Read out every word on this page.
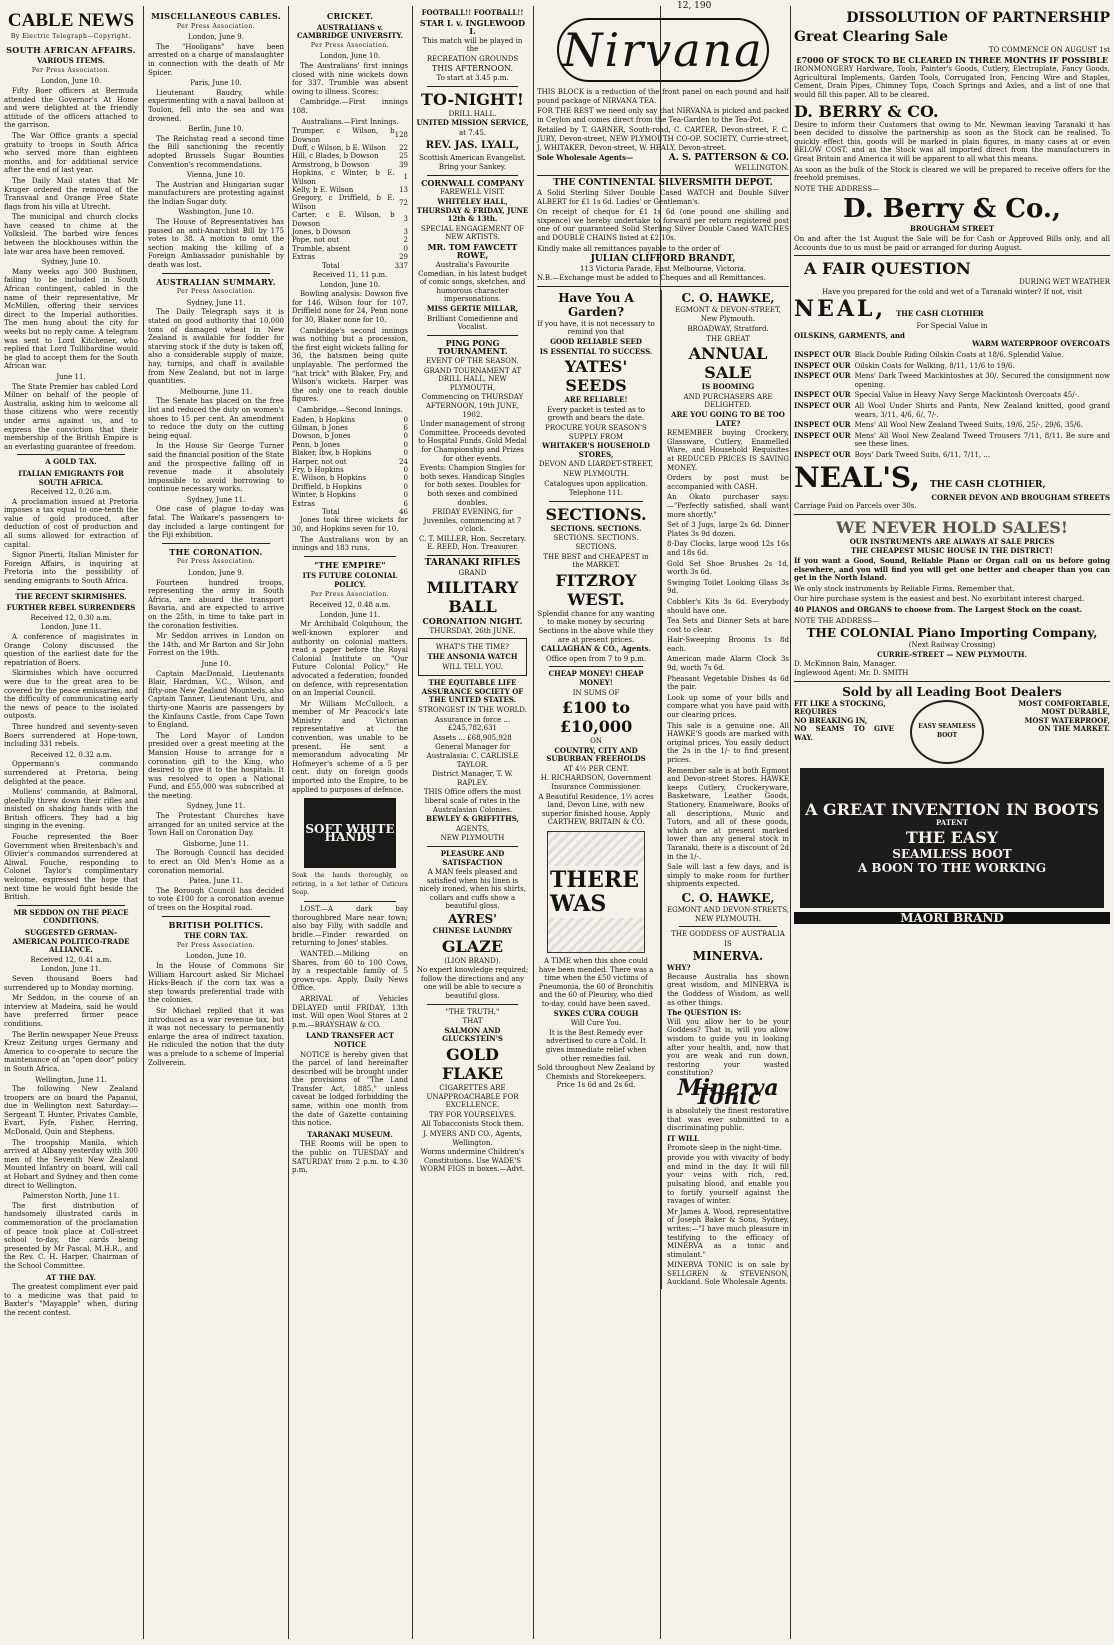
CABLE NEWS
By Electric Telegraph—Copyright.
SOUTH AFRICAN AFFAIRS.
VARIOUS ITEMS.
Per Press Association.
London, June 10.

Fifty Boer officers at Bermuda attended the Governor's At Home and were delighted at the friendly attitude of the officers attached to the garrison.

The War Office grants a special gratuity to troops in South Africa who served more than eighteen months, and for additional service after the end of last year.

The Daily Mail states that Mr Kruger ordered the removal of the Transvaal and Orange Free State flags from his villa at Utrecht.

The municipal and church clocks have ceased to chime at the Volksleid. The barbed wire fences between the blockhouses within the late war area have been removed.

Sydney, June 10.

Many weeks ago 300 Bushmen, failing to be included in South African contingent, cabled in the name of their representative, Mr McMillen, offering their services direct to the Imperial authorities. The men hung about the city for weeks but no reply came. A telegram was sent to Lord Kitchener, who replied that Lord Tullibardine would be glad to accept them for the South African war.

June 11.

The State Premier has cabled Lord Milner on behalf of the people of Australia, asking him to welcome all those citizens who were recently under arms against us, and to express the conviction that their membership of the British Empire is an everlasting guarantee of freedom.

A GOLD TAX.
ITALIAN EMIGRANTS FOR SOUTH AFRICA.
Received 12, 0.26 a.m.

A proclamation issued at Pretoria imposes a tax equal to one-tenth the value of gold produced, after deduction of cost of production and all sums allowed for extraction of capital.

Signor Pinerti, Italian Minister for Foreign Affairs, is inquiring at Pretoria into the possibility of sending emigrants to South Africa.

THE RECENT SKIRMISHES.
FURTHER REBEL SURRENDERS
Received 12, 0.30 a.m.
London, June 11.

A conference of magistrates in Orange Colony discussed the question of the earliest date for the repatriation of Boers.

Skirmishes which have occurred were due to the great area to be covered by the peace emissaries, and the difficulty of communicating early the news of peace to the isolated outposts.

Three hundred and seventy-seven Boers surrendered at Hope-town, including 331 rebels.

Received 12, 0.32 a.m.

Oppermann's commando surrendered at Pretoria, being delighted at the peace.

Mullens' commando, at Balmoral, gleefully threw down their rifles and insisted on shaking hands with the British officers. They had a big singing in the evening.

Fouche represented the Boer Government when Breitenbach's and Olivier's commandos surrendered at Aliwal. Fouche, responding to Colonel Taylor's complimentary welcome, expressed the hope that next time he would fight beside the British.

MR SEDDON ON THE PEACE CONDITIONS.
SUGGESTED GERMAN-AMERICAN POLITICO-TRADE ALLIANCE.
Received 12, 0.41 a.m.
London, June 11.

Seven thousand Boers had surrendered up to Monday morning.

Mr Seddon, in the course of an interview at Madeira, said he would have preferred firmer peace conditions.

The Berlin newspaper Neue Preuss Kreuz Zeitung urges Germany and America to co-operate to secure the maintenance of an "open door" policy in South Africa.

Wellington, June 11.

The following New Zealand troopers are on board the Papanui, due in Wellington next Saturday:—Sergeant T. Hunter, Privates Camble, Evart, Fyfe, Fisher, Herring, McDonald, Quin and Stephens.

The troopship Manila, which arrived at Albany yesterday with 300 men of the Seventh New Zealand Mounted Infantry on board, will call at Hobart and Sydney and then come direct to Wellington.

Palmerston North, June 11.

The first distribution of handsomely illustrated cards in commemoration of the proclamation of peace took place at Coll-street school to-day, the cards being presented by Mr Pascal, M.H.R., and the Rev. C. H. Harper, Chairman of the School Committee.

AT THE DAY.

The greatest compliment ever paid to a medicine was that paid to Baxter's "Mayapple" when, during the recent contest.

MISCELLANEOUS CABLES.
Per Press Association.
London, June 9.

The "Hooligans" have been arrested on a charge of manslaughter in connection with the death of Mr Spicer.

Paris, June 10.

Lieutenant Baudry, while experimenting with a naval balloon at Toulon, fell into the sea and was drowned.

Berlin, June 10.

The Reichstag read a second time the Bill sanctioning the recently adopted Brussels Sugar Bounties Convention's recommendations.

Vienna, June 10.

The Austrian and Hungarian sugar manufacturers are protesting against the Indian Sugar duty.

Washington, June 10.

The House of Representatives has passed an anti-Anarchist Bill by 175 votes to 38. A motion to omit the section making the killing of a Foreign Ambassador punishable by death was lost.

AUSTRALIAN SUMMARY.
Per Press Association.
Sydney, June 11.

The Daily Telegraph says it is stated on good authority that 10,000 tons of damaged wheat in New Zealand is available for fodder for starving stock if the duty is taken off, also a considerable supply of maize, hay, turnips, and chaff is available from New Zealand, but not in large quantities.

Melbourne, June 11.

The Senate has placed on the free list and reduced the duty on women's shoes to 15 per cent. An amendment to reduce the duty on the cutting being equal.

In the House Sir George Turner said the financial position of the State and the prospective falling off in revenue made it absolutely impossible to avoid borrowing to continue necessary works.

Sydney, June 11.

One case of plague to-day was fatal. The Waikare's passengers to-day included a large contingent for the Fiji exhibition.

THE CORONATION.
Per Press Association.
London, June 9.

Fourteen hundred troops, representing the army in South Africa, are aboard the transport Bavaria, and are expected to arrive on the 25th, in time to take part in the coronation festivities.

Mr Seddon arrives in London on the 14th, and Mr Barton and Sir John Forrest on the 19th.

June 10.

Captain MacDonald, Lieutenants Blair, Hardman, V.C., Wilson, and fifty-one New Zealand Mounteds, also Captain Tanner, Lieutenant Uru, and thirty-one Maoris are passengers by the Kinfauns Castle, from Cape Town to England.

The Lord Mayor of London presided over a great meeting at the Mansion House to arrange for a coronation gift to the King, who desired to give it to the hospitals. It was resolved to open a National Fund, and £55,000 was subscribed at the meeting.

Sydney, June 11.

The Protestant Churches have arranged for an united service at the Town Hall on Coronation Day.

Gisborne, June 11.

The Borough Council has decided to erect an Old Men's Home as a coronation memorial.

Patea, June 11.

The Borough Council has decided to vote £100 for a coronation avenue of trees on the Hospital road.

BRITISH POLITICS.
THE CORN TAX.
Per Press Association.
London, June 10.

In the House of Commons Sir William Harcourt asked Sir Michael Hicks-Beach if the corn tax was a step towards preferential trade with the colonies.

Sir Michael replied that it was introduced as a war revenue tax, but it was not necessary to permanently enlarge the area of indirect taxation. He ridiculed the notion that the duty was a prelude to a scheme of Imperial Zollverein.

CRICKET.
AUSTRALIANS v. CAMBRIDGE UNIVERSITY.
Per Press Association.
London, June 10.

The Australians' first innings closed with nine wickets down for 337. Trumble was absent owing to illness. Scores:

Cambridge.—First innings 108.

Australians.—First Innings.
Trumper, c Wilson, b Dowson	128
Duff, c Wilson, b E. Wilson	22
Hill, c Blades, b Dowson	25
Armstrong, b Dowson	39
Hopkins, c Winter, b E. Wilson	1
Kelly, b E. Wilson	13
Gregory, c Driffield, b E. Wilson	72
Carter, c E. Wilson, b Dowson	3
Jones, b Dowson	3
Pope, not out	2
Trumble, absent	0
Extras	29
Total	337
Received 11, 11 p.m.
London, June 10.

Bowling analysis: Dowson five for 146, Wilson four for 107. Driffield none for 24, Penn none for 30, Blaker none for 10.

Cambridge's second innings was nothing but a procession, the first eight wickets falling for 36, the batsmen being quite unplayable. The performed the "hat trick" with Blaker, Fry, and Wilson's wickets. Harper was the only one to reach double figures.

Cambridge.—Second Innings.
Eaden, b Hopkins	0
Gilman, b Jones	6
Dowson, b Jones	0
Penn, b Jones	0
Blaker, lbw, b Hopkins	0
Harper, not out	24
Fry, b Hopkins	0
E. Wilson, b Hopkins	0
Driffield, b Hopkins	0
Winter, b Hopkins	0
Extras	6
Total	46

Jones took three wickets for 30, and Hopkins seven for 10.

The Australians won by an innings and 183 runs.

"THE EMPIRE"
ITS FUTURE COLONIAL POLICY.
Per Press Association.
Received 12, 0.48 a.m.
London, June 11.

Mr Archibald Colquhoun, the well-known explorer and authority on colonial matters, read a paper before the Royal Colonial Institute on "Our Future Colonial Policy." He advocated a federation, founded on defence, with representation on an Imperial Council.

Mr William McCulloch, a member of Mr Peacock's late Ministry and Victorian representative at the convention, was unable to be present. He sent a memorandum advocating Mr Hofmeyer's scheme of a 5 per cent. duty on foreign goods imported into the Empire, to be applied to purposes of defence.

SOFT WHITE HANDS

Soak the hands thoroughly, on retiring, in a hot lather of Cuticura Soap.

LOST.—A dark bay thoroughbred Mare near town; also bay Filly, with saddle and bridle.—Finder rewarded on returning to Jones' stables.

WANTED.—Milking on Shares, from 60 to 100 Cows, by a respectable family of 5 grown-ups. Apply, Daily News Office.

ARRIVAL of Vehicles DELAYED until FRIDAY, 13th inst. Will open Wool Stores at 2 p.m.—BRAYSHAW & CO.

LAND TRANSFER ACT NOTICE

NOTICE is hereby given that the parcel of land hereinafter described will be brought under the provisions of "The Land Transfer Act, 1885," unless caveat be lodged forbidding the same, within one month from the date of Gazette containing this notice.

TARANAKI MUSEUM.

THE Rooms will be open to the public on TUESDAY and SATURDAY from 2 p.m. to 4.30 p.m.

FOOTBALL!! FOOTBALL!!
STAR I. v. INGLEWOOD I.
This match will be played in the
RECREATION GROUNDS
THIS AFTERNOON.
To start at 3.45 p.m.
TO-NIGHT!
DRILL HALL.
UNITED MISSION SERVICE,
at 7.45.
REV. JAS. LYALL,
Scottish American Evangelist.
Bring your Sankey.
CORNWALL COMPANY
FAREWELL VISIT.
WHITELEY HALL, THURSDAY & FRIDAY, JUNE 12th & 13th.
SPECIAL ENGAGEMENT OF NEW ARTISTS.
MR. TOM FAWCETT ROWE,
Australia's Favourite Comedian, in his latest budget of comic songs, sketches, and humorous character impersonations.
MISS GERTIE MILLAR,
Brilliant Comedienne and Vocalist.
PING PONG TOURNAMENT.
EVENT OF THE SEASON.
GRAND TOURNAMENT AT DRILL HALL, NEW PLYMOUTH,
Commencing on THURSDAY AFTERNOON, 19th JUNE, 1902.
Under management of strong Committee. Proceeds devoted to Hospital Funds. Gold Medal for Championship and Prizes for other events.
Events: Champion Singles for both sexes. Handicap Singles for both sexes. Doubles for both sexes and combined doubles.
FRIDAY EVENING, for Juveniles, commencing at 7 o'clock.
C. T. MILLER, Hon. Secretary. E. REED, Hon. Treasurer.
TARANAKI RIFLES
GRAND
MILITARY BALL
CORONATION NIGHT.
THURSDAY, 26th JUNE.
WHAT'S THE TIME?
THE ANSONIA WATCH
WILL TELL YOU.
THE EQUITABLE LIFE ASSURANCE SOCIETY OF THE UNITED STATES.
STRONGEST IN THE WORLD.
Assurance in force ... £245,782,631
Assets ... £68,905,928
General Manager for Australasia: C. CARLISLE TAYLOR.
District Manager, T. W. RAPLEY.
THIS Office offers the most liberal scale of rates in the Australasian Colonies.
BEWLEY & GRIFFITHS,
AGENTS,
NEW PLYMOUTH
PLEASURE AND SATISFACTION
A MAN feels pleased and satisfied when his linen is nicely ironed, when his shirts, collars and cuffs show a beautiful gloss.
AYRES'
CHINESE LAUNDRY
GLAZE
(LION BRAND).
No expert knowledge required; follow the directions and any one will be able to secure a beautiful gloss.
"THE TRUTH,"
THAT
SALMON AND GLUCKSTEIN'S
GOLD FLAKE
CIGARETTES ARE UNAPPROACHABLE FOR EXCELLENCE.
TRY FOR YOURSELVES.
All Tobacconists Stock them.
J. MYERS AND CO., Agents, Wellington.
Worms undermine Children's Constitutions. Use WADE'S WORM FIGS in boxes.—Advt.
12, 190
Nirvana

THIS BLOCK is a reduction of the front panel on each pound and half pound package of NIRVANA TEA.

FOR THE REST we need only say that NIRVANA is picked and packed in Ceylon and comes direct from the Tea-Garden to the Tea-Pot.

Retailed by T. GARNER, South-road, C. CARTER, Devon-street, F. C. JURY, Devon-street, NEW PLYMOUTH CO-OP. SOCIETY, Currie-street, J. WHITAKER, Devon-street, W. HEALY, Devon-street.

Sole Wholesale Agents—	A. S. PATTERSON & CO.
WELLINGTON.
THE CONTINENTAL SILVERSMITH DEPOT.

A Solid Sterling Silver Double Cased WATCH and Double Silver ALBERT for £1 1s 6d. Ladies' or Gentleman's.

On receipt of cheque for £1 1s 6d (one pound one shilling and sixpence) we hereby undertake to forward per return registered post one of our guaranteed Solid Sterling Silver Double Cased WATCHES and DOUBLE CHAINS listed at £2 10s.

Kindly make all remittances payable to the order of

JULIAN CLIFFORD BRANDT,
113 Victoria Parade, East Melbourne, Victoria.

N.B.—Exchange must be added to Cheques and all Remittances.

Have You A Garden?
If you have, it is not necessary to remind you that
GOOD RELIABLE SEED
IS ESSENTIAL TO SUCCESS.
YATES' SEEDS
ARE RELIABLE!
Every packet is tested as to growth and bears the date.
PROCURE YOUR SEASON'S SUPPLY FROM
WHITAKER'S HOUSEHOLD STORES,
DEVON AND LIARDET-STREET,
NEW PLYMOUTH.
Catalogues upon application.
Telephone 111.
SECTIONS.
SECTIONS. SECTIONS.
SECTIONS. SECTIONS. SECTIONS.
THE BEST and CHEAPEST in the MARKET.
FITZROY WEST.
Splendid chance for any wanting to make money by securing Sections in the above while they are at present prices.
CALLAGHAN & CO., Agents.
Office open from 7 to 9 p.m.
CHEAP MONEY! CHEAP MONEY!
IN SUMS OF
£100 to £10,000
ON
COUNTRY, CITY AND SUBURBAN FREEHOLDS
AT 4½ PER CENT.
H. RICHARDSON, Government Insurance Commissioner.
A Beautiful Residence, 1½ acres land, Devon Line, with new superior finished house. Apply CARTHEW, BRITAIN & CO.
THERE WAS
A TIME when this shoe could have been mended. There was a time when the £50 victims of Pneumonia, the 60 of Bronchitis and the 60 of Pleurisy, who died to-day, could have been saved.
SYKES CURA COUGH
Will Cure You.
It is the Best Remedy ever advertised to cure a Cold. It gives immediate relief when other remedies fail.
Sold throughout New Zealand by Chemists and Storekeepers. Price 1s 6d and 2s 6d.
C. O. HAWKE,
EGMONT & DEVON-STREET,
New Plymouth.
BROADWAY, Stratford.
THE GREAT
ANNUAL SALE
IS BOOMING
AND PURCHASERS ARE DELIGHTED.
ARE YOU GOING TO BE TOO LATE?

REMEMBER buying Crockery, Glassware, Cutlery, Enamelled Ware, and Household Requisites at REDUCED PRICES IS SAVING MONEY.

Orders by post must be accompanied with CASH.

An Okato purchaser says:—"Perfectly satisfied, shall want more shortly."

Set of 3 Jugs, large 2s 6d. Dinner Plates 3s 9d dozen.

8-Day Clocks, large wood 12s 16s and 18s 6d.

Gold Set Shoe Brushes 2s 1d, worth 3s 6d.

Swinging Toilet Looking Glass 3s 9d.

Cobbler's Kits 3s 6d. Everybody should have one.

Tea Sets and Dinner Sets at bare cost to clear.

Hair-Sweeping Brooms 1s 8d each.

American made Alarm Clock 3s 9d, worth 7s 6d.

Pheasant Vegetable Dishes 4s 6d the pair.

Look up some of your bills and compare what you have paid with our clearing prices.

This sale is a genuine one. All HAWKE'S goods are marked with original prices. You easily deduct the 2s in the 1/- to find present prices.

Remember sale is at both Egmont and Devon-street Stores. HAWKE keeps Cutlery, Crockeryware, Basketware, Leather Goods, Stationery, Enamelware, Books of all descriptions, Music and Tutors, and all of these goods, which are at present marked lower than any general stock in Taranaki, there is a discount of 2d in the 1/-.

Sale will last a few days, and is simply to make room for further shipments expected.

C. O. HAWKE,
EGMONT AND DEVON-STREETS, NEW PLYMOUTH.
THE GODDESS OF AUSTRALIA
IS
MINERVA.
WHY?

Because Australia has shown great wisdom, and MINERVA is the Goddess of Wisdom, as well as other things.

The QUESTION IS:

Will you allow her to be your Goddess? That is, will you allow wisdom to guide you in looking after your health, and, now that you are weak and run down, restoring your wasted constitution?

Minerva Tonic

is absolutely the finest restorative that was ever submitted to a discriminating public.

IT WILL

Promote sleep in the night-time.

provide you with vivacity of body and mind in the day. It will fill your veins with rich, red, pulsating blood, and enable you to fortify yourself against the ravages of winter.

Mr James A. Wood, representative of Joseph Baker & Sons, Sydney, writes:—"I have much pleasure in testifying to the efficacy of MINERVA as a tonic and stimulant."

MINERVA TONIC is on sale by SELLGREN & STEVENSON, Auckland. Sole Wholesale Agents.

DISSOLUTION OF PARTNERSHIP
Great Clearing Sale
TO COMMENCE ON AUGUST 1st
£7000 OF STOCK TO BE CLEARED IN THREE MONTHS IF POSSIBLE

IRONMONGERY Hardware, Tools, Painter's Goods, Cutlery, Electroplate, Fancy Goods, Agricultural Implements, Garden Tools, Corrugated Iron, Fencing Wire and Staples, Cement, Drain Pipes, Chimney Tops, Coach Springs and Axles, and a list of one that would fill this paper. All to be cleared.

D. BERRY & CO.

Desire to inform their Customers that owing to Mr. Newman leaving Taranaki it has been decided to dissolve the partnership as soon as the Stock can be realised. To quickly effect this, goods will be marked in plain figures, in many cases at or even BELOW COST, and as the Stock was all imported direct from the manufacturers in Great Britain and America it will be apparent to all what this means.

As soon as the bulk of the Stock is cleared we will be prepared to receive offers for the freehold premises.

NOTE THE ADDRESS—
D. Berry & Co.,
BROUGHAM STREET

On and after the 1st August the Sale will be for Cash or Approved Bills only, and all Accounts due to us must be paid or arranged for during August.

A FAIR QUESTION
DURING WET WEATHER
Have you prepared for the cold and wet of a Taranaki winter? If not, visit
NEAL, THE CASH CLOTHIER
For Special Value in
OILSKINS, GARMENTS, and
WARM WATERPROOF OVERCOATS
INSPECT OUR Black Double Riding Oilskin Coats at 18/6. Splendid Value.
INSPECT OUR Oilskin Coats for Walking, 8/11, 11/6 to 19/6.
INSPECT OUR Mens' Dark Tweed Mackintoshes at 30/. Secured the consignment now opening.
INSPECT OUR Special Value in Heavy Navy Serge Mackintosh Overcoats 45/-.
INSPECT OUR All Wool Under Shirts and Pants, New Zealand knitted, good grand wears, 3/11, 4/6, 6/, 7/-.
INSPECT OUR Mens' All Wool New Zealand Tweed Suits, 19/6, 25/-, 29/6, 35/6.
INSPECT OUR Mens' All Wool New Zealand Tweed Trousers 7/11, 8/11. Be sure and see these lines.
INSPECT OUR Boys' Dark Tweed Suits, 6/11, 7/11, ...
NEAL'S, THE CASH CLOTHIER,
CORNER DEVON AND BROUGHAM STREETS
Carriage Paid on Parcels over 30s.
WE NEVER HOLD SALES!
OUR INSTRUMENTS ARE ALWAYS AT SALE PRICES
THE CHEAPEST MUSIC HOUSE IN THE DISTRICT!

If you want a Good, Sound, Reliable Piano or Organ call on us before going elsewhere, and you will find you will get one better and cheaper than you can get in the North Island.

We only stock instruments by Reliable Firms. Remember that.

Our hire purchase system is the easiest and best. No exorbitant interest charged.

40 PIANOS and ORGANS to choose from. The Largest Stock on the coast.

NOTE THE ADDRESS—
THE COLONIAL Piano Importing Company,
(Next Railway Crossing)
CURRIE-STREET — NEW PLYMOUTH.
D. McKinnon Bain, Manager.
Inglewood Agent: Mr. D. SMITH
Sold by all Leading Boot Dealers
FIT LIKE A STOCKING,
REQUIRES
NO BREAKING IN,
NO SEAMS TO GIVE WAY.
EASY SEAMLESS BOOT
MOST COMFORTABLE,
MOST DURABLE,
MOST WATERPROOF,
ON THE MARKET.
A GREAT INVENTION IN BOOTS
PATENT
THE EASY
SEAMLESS BOOT
A BOON TO THE WORKING
MAORI BRAND
